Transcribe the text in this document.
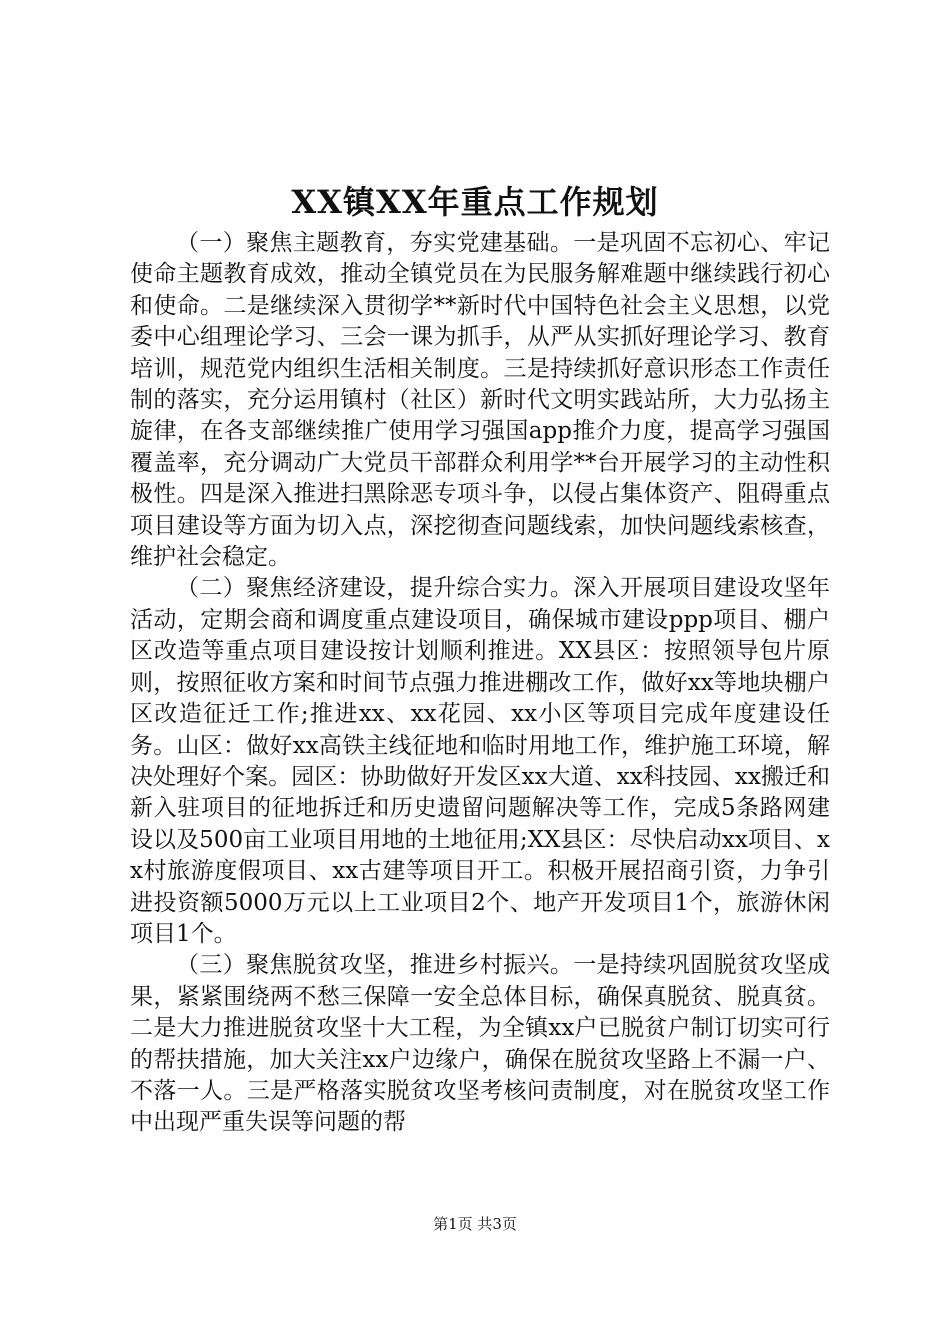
XX镇XX年重点工作规划

（一）聚焦主题教育，夯实党建基础。一是巩固不忘初心、牢记使命主题教育成效，推动全镇党员在为民服务解难题中继续践行初心和使命。二是继续深入贯彻学**新时代中国特色社会主义思想，以党委中心组理论学习、三会一课为抓手，从严从实抓好理论学习、教育培训，规范党内组织生活相关制度。三是持续抓好意识形态工作责任制的落实，充分运用镇村（社区）新时代文明实践站所，大力弘扬主旋律，在各支部继续推广使用学习强国app推介力度，提高学习强国覆盖率，充分调动广大党员干部群众利用学**台开展学习的主动性积极性。四是深入推进扫黑除恶专项斗争，以侵占集体资产、阻碍重点项目建设等方面为切入点，深挖彻查问题线索，加快问题线索核查，维护社会稳定。

（二）聚焦经济建设，提升综合实力。深入开展项目建设攻坚年活动，定期会商和调度重点建设项目，确保城市建设ppp项目、棚户区改造等重点项目建设按计划顺利推进。XX县区：按照领导包片原则，按照征收方案和时间节点强力推进棚改工作，做好xx等地块棚户区改造征迁工作;推进xx、xx花园、xx小区等项目完成年度建设任务。山区：做好xx高铁主线征地和临时用地工作，维护施工环境，解决处理好个案。园区：协助做好开发区xx大道、xx科技园、xx搬迁和新入驻项目的征地拆迁和历史遗留问题解决等工作，完成5条路网建设以及500亩工业项目用地的土地征用;XX县区：尽快启动xx项目、xx村旅游度假项目、xx古建等项目开工。积极开展招商引资，力争引进投资额5000万元以上工业项目2个、地产开发项目1个，旅游休闲项目1个。

（三）聚焦脱贫攻坚，推进乡村振兴。一是持续巩固脱贫攻坚成果，紧紧围绕两不愁三保障一安全总体目标，确保真脱贫、脱真贫。二是大力推进脱贫攻坚十大工程，为全镇xx户已脱贫户制订切实可行的帮扶措施，加大关注xx户边缘户，确保在脱贫攻坚路上不漏一户、不落一人。三是严格落实脱贫攻坚考核问责制度，对在脱贫攻坚工作中出现严重失误等问题的帮

第1页 共3页
